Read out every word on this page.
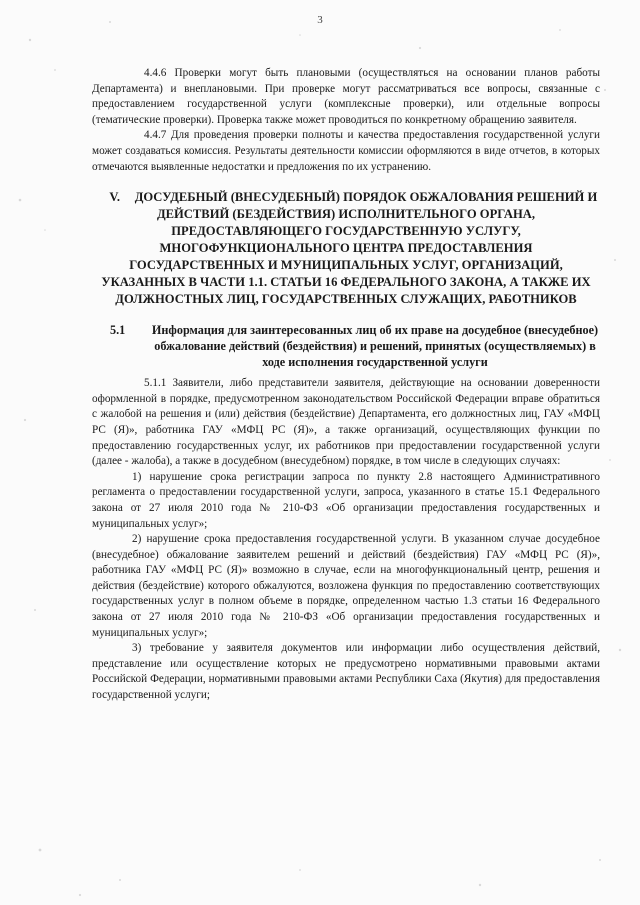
3

4.4.6 Проверки могут быть плановыми (осуществляться на основании планов работы Департамента) и внеплановыми. При проверке могут рассматриваться все вопросы, связанные с предоставлением государственной услуги (комплексные проверки), или отдельные вопросы (тематические проверки). Проверка также может проводиться по конкретному обращению заявителя.

4.4.7 Для проведения проверки полноты и качества предоставления государственной услуги может создаваться комиссия. Результаты деятельности комиссии оформляются в виде отчетов, в которых отмечаются выявленные недостатки и предложения по их устранению.

V. ДОСУДЕБНЫЙ (ВНЕСУДЕБНЫЙ) ПОРЯДОК ОБЖАЛОВАНИЯ РЕШЕНИЙ И ДЕЙСТВИЙ (БЕЗДЕЙСТВИЯ) ИСПОЛНИТЕЛЬНОГО ОРГАНА, ПРЕДОСТАВЛЯЮЩЕГО ГОСУДАРСТВЕННУЮ УСЛУГУ, МНОГОФУНКЦИОНАЛЬНОГО ЦЕНТРА ПРЕДОСТАВЛЕНИЯ ГОСУДАРСТВЕННЫХ И МУНИЦИПАЛЬНЫХ УСЛУГ, ОРГАНИЗАЦИЙ, УКАЗАННЫХ В ЧАСТИ 1.1. СТАТЬИ 16 ФЕДЕРАЛЬНОГО ЗАКОНА, А ТАКЖЕ ИХ ДОЛЖНОСТНЫХ ЛИЦ, ГОСУДАРСТВЕННЫХ СЛУЖАЩИХ, РАБОТНИКОВ
5.1	Информация для заинтересованных лиц об их праве на досудебное (внесудебное) обжалование действий (бездействия) и решений, принятых (осуществляемых) в ходе исполнения государственной услуги

5.1.1 Заявители, либо представители заявителя, действующие на основании доверенности оформленной в порядке, предусмотренном законодательством Российской Федерации вправе обратиться с жалобой на решения и (или) действия (бездействие) Департамента, его должностных лиц, ГАУ «МФЦ РС (Я)», работника ГАУ «МФЦ РС (Я)», а также организаций, осуществляющих функции по предоставлению государственных услуг, их работников при предоставлении государственной услуги (далее - жалоба), а также в досудебном (внесудебном) порядке, в том числе в следующих случаях:

1) нарушение срока регистрации запроса по пункту 2.8 настоящего Административного регламента о предоставлении государственной услуги, запроса, указанного в статье 15.1 Федерального закона от 27 июля 2010 года № 210-ФЗ «Об организации предоставления государственных и муниципальных услуг»;

2) нарушение срока предоставления государственной услуги. В указанном случае досудебное (внесудебное) обжалование заявителем решений и действий (бездействия) ГАУ «МФЦ РС (Я)», работника ГАУ «МФЦ РС (Я)» возможно в случае, если на многофункциональный центр, решения и действия (бездействие) которого обжалуются, возложена функция по предоставлению соответствующих государственных услуг в полном объеме в порядке, определенном частью 1.3 статьи 16 Федерального закона от 27 июля 2010 года № 210-ФЗ «Об организации предоставления государственных и муниципальных услуг»;

3) требование у заявителя документов или информации либо осуществления действий, представление или осуществление которых не предусмотрено нормативными правовыми актами Российской Федерации, нормативными правовыми актами Республики Саха (Якутия) для предоставления государственной услуги;
